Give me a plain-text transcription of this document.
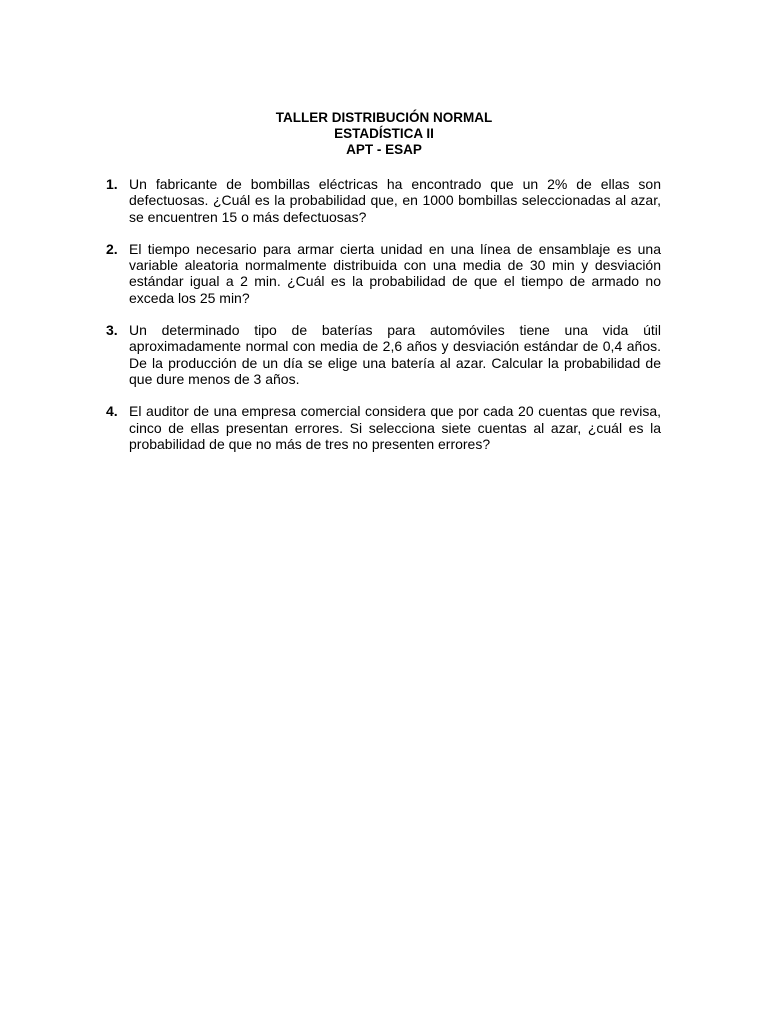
TALLER DISTRIBUCIÓN NORMAL
ESTADÍSTICA II
APT - ESAP
1. Un fabricante de bombillas eléctricas ha encontrado que un 2% de ellas son defectuosas. ¿Cuál es la probabilidad que, en 1000 bombillas seleccionadas al azar, se encuentren 15 o más defectuosas?

2. El tiempo necesario para armar cierta unidad en una línea de ensamblaje es una variable aleatoria normalmente distribuida con una media de 30 min y desviación estándar igual a 2 min. ¿Cuál es la probabilidad de que el tiempo de armado no exceda los 25 min?

3. Un determinado tipo de baterías para automóviles tiene una vida útil aproximadamente normal con media de 2,6 años y desviación estándar de 0,4 años. De la producción de un día se elige una batería al azar. Calcular la probabilidad de que dure menos de 3 años.

4. El auditor de una empresa comercial considera que por cada 20 cuentas que revisa, cinco de ellas presentan errores. Si selecciona siete cuentas al azar, ¿cuál es la probabilidad de que no más de tres no presenten errores?
